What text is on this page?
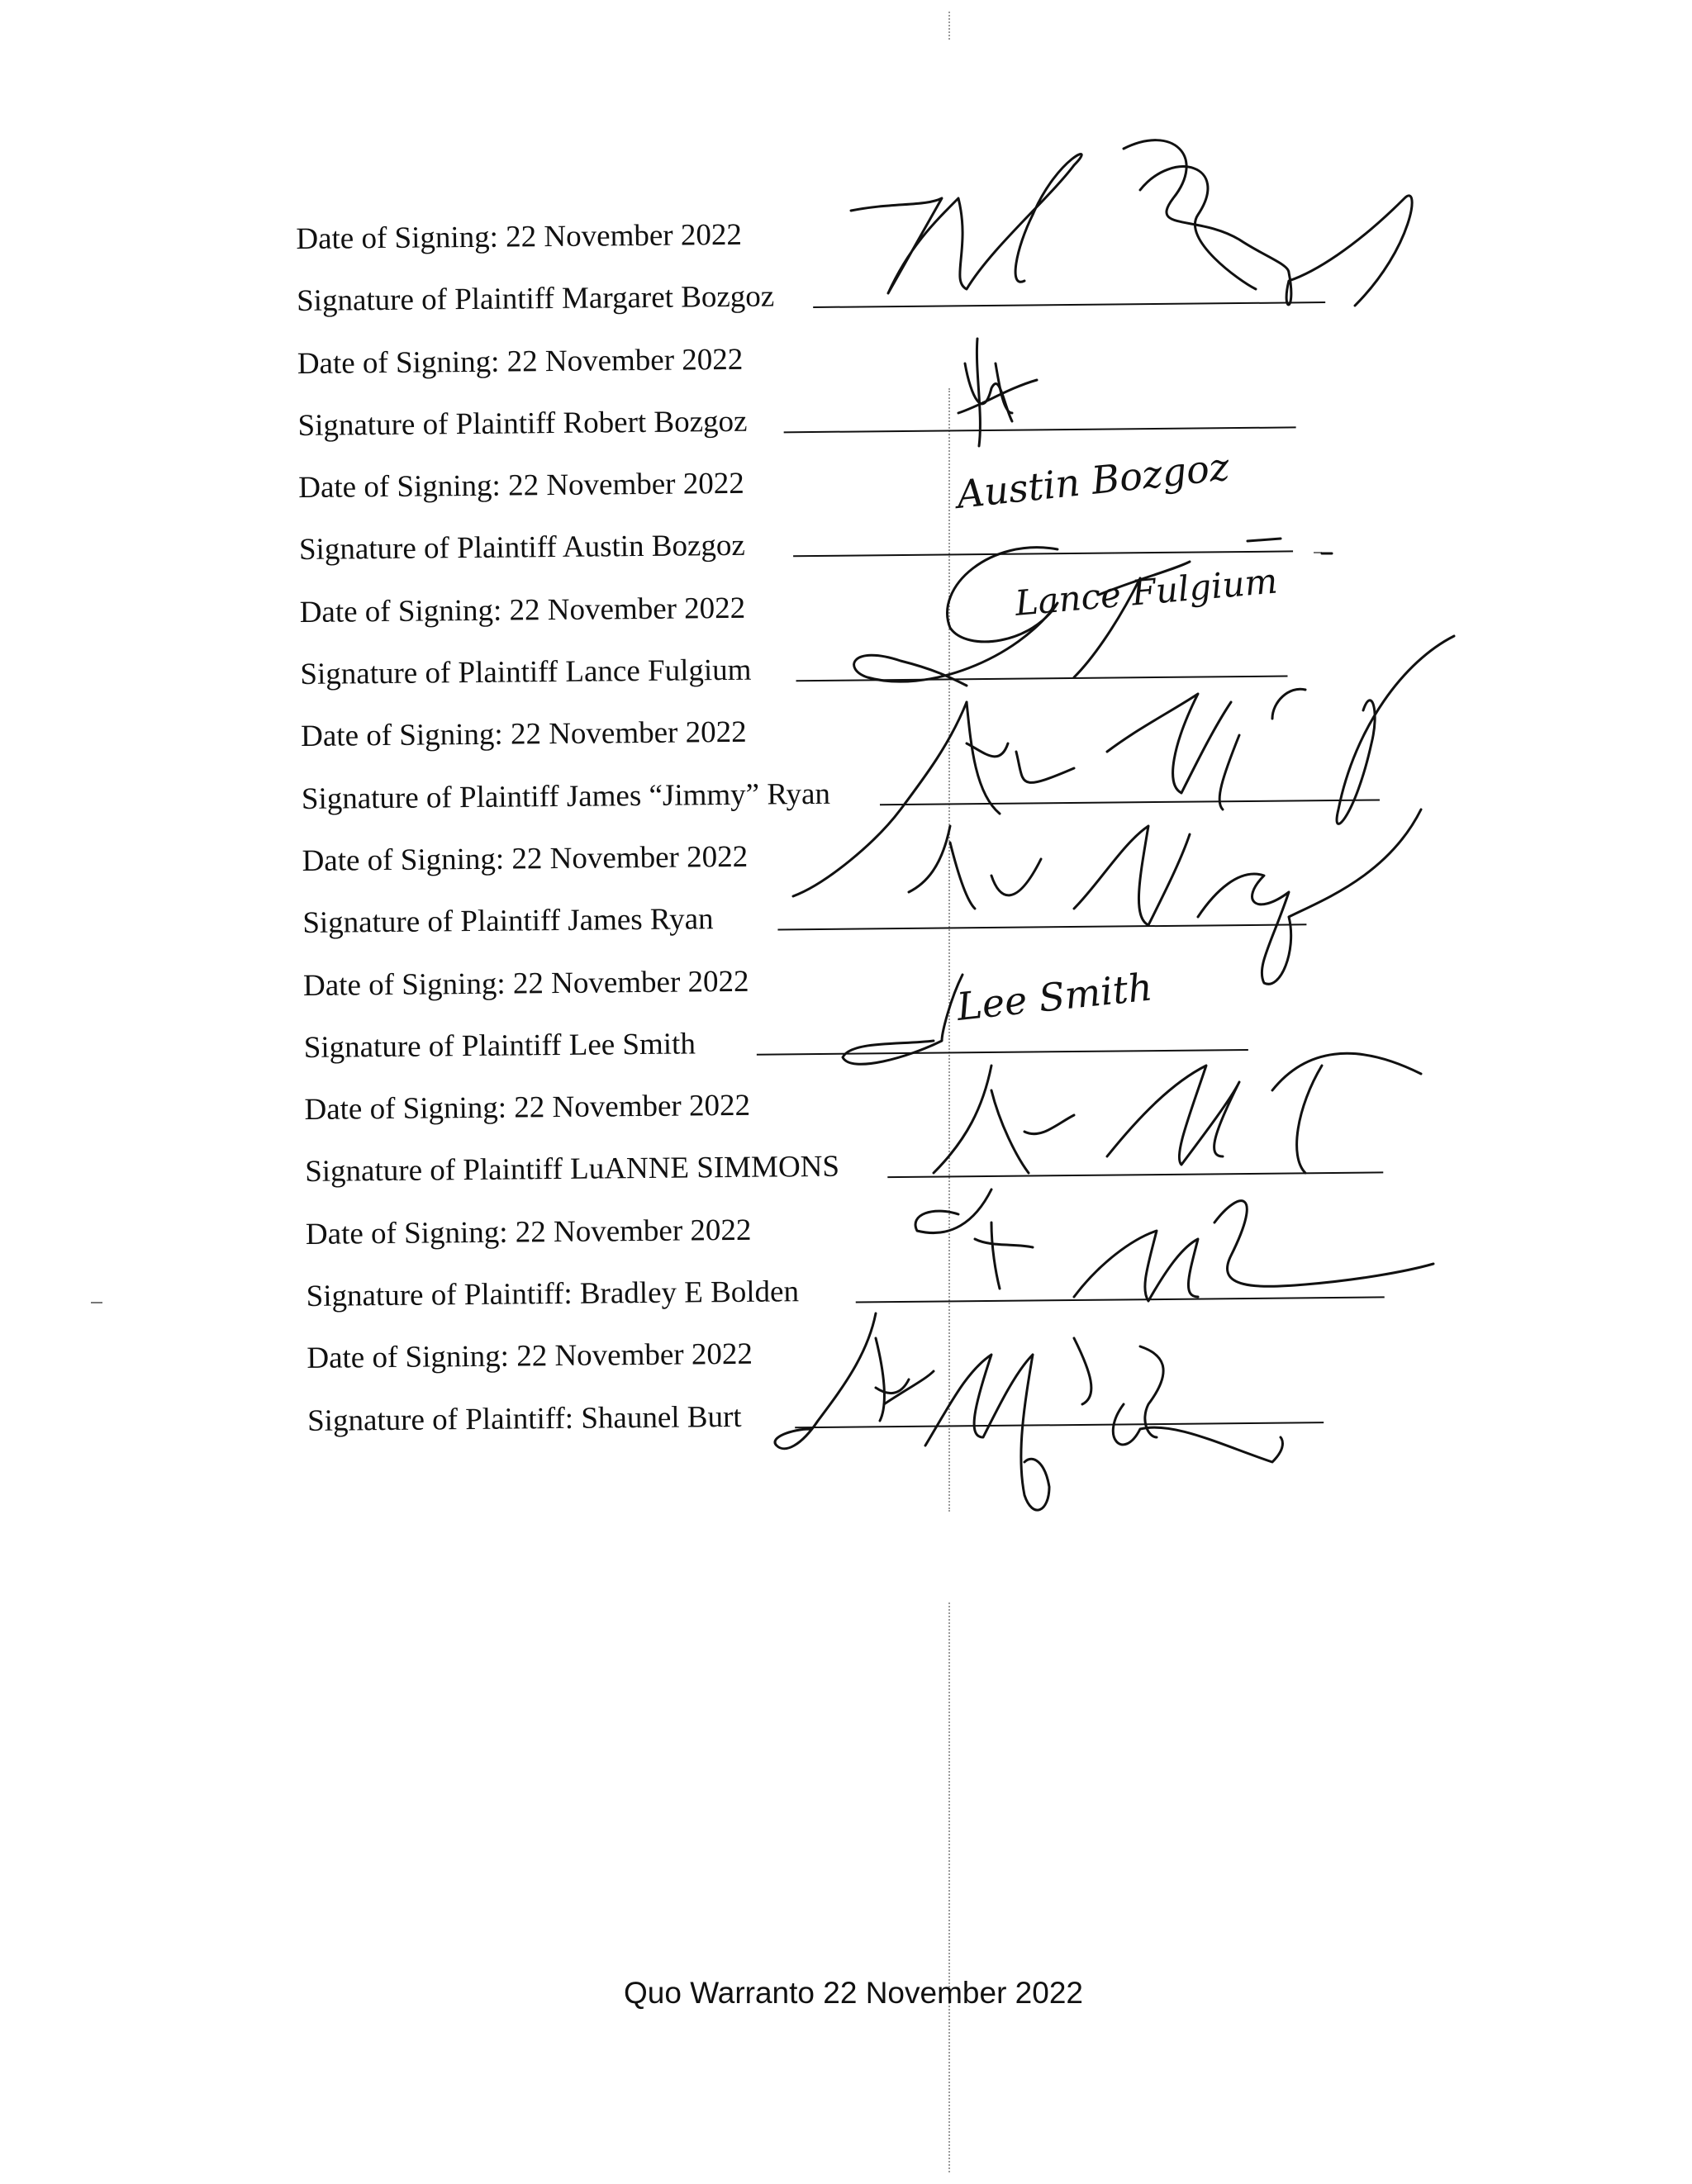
Date of Signing: 22 November 2022
Signature of Plaintiff Margaret Bozgoz
Date of Signing: 22 November 2022
Signature of Plaintiff Robert Bozgoz
Date of Signing: 22 November 2022
Signature of Plaintiff Austin Bozgoz
Date of Signing: 22 November 2022
Signature of Plaintiff Lance Fulgium
Date of Signing: 22 November 2022
Signature of Plaintiff James “Jimmy” Ryan
Date of Signing: 22 November 2022
Signature of Plaintiff James Ryan
Date of Signing: 22 November 2022
Signature of Plaintiff Lee Smith
Date of Signing: 22 November 2022
Signature of Plaintiff LuANNE SIMMONS
Date of Signing: 22 November 2022
Signature of Plaintiff: Bradley E Bolden
Date of Signing: 22 November 2022
Signature of Plaintiff: Shaunel Burt
Austin Bozgoz
Lance Fulgium
Lee Smith
Quo Warranto 22 November 2022
